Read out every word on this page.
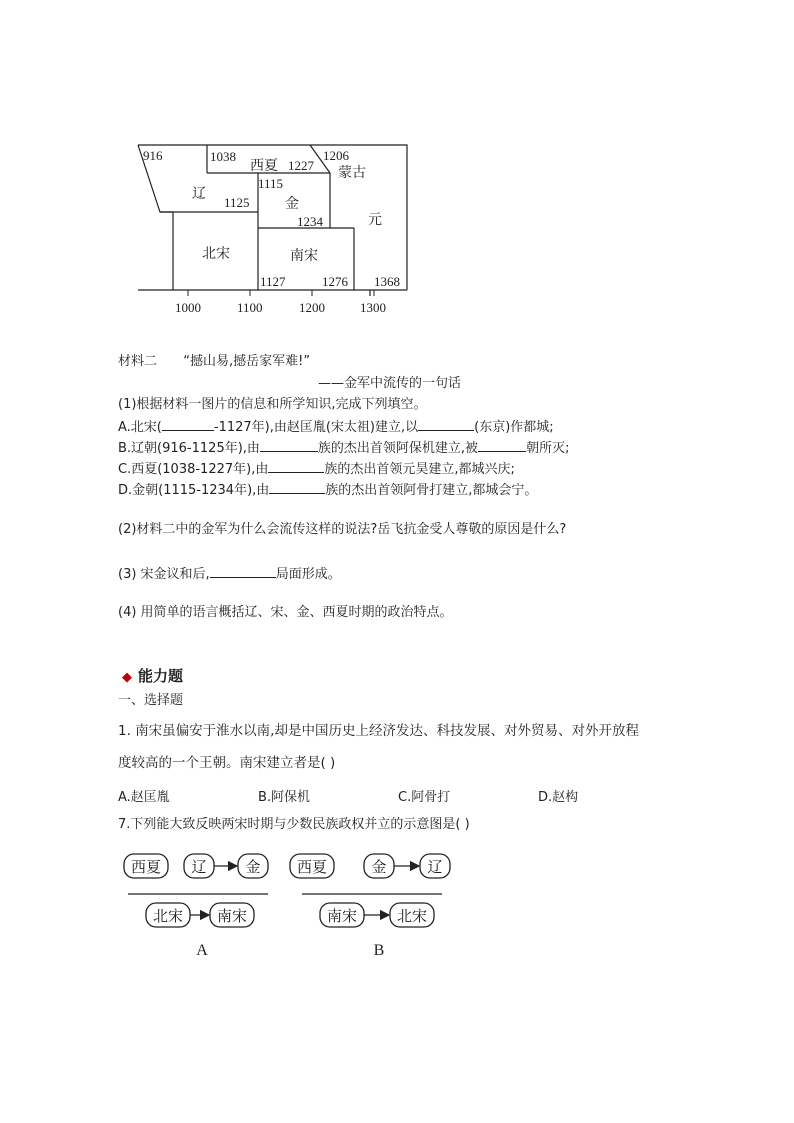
916	1038
1227
1206
1115
1125
1234
1127	1276 1368
1000	1100	1200	1300
辽
西夏
金
蒙古
元
北宋	南宋
材料二 “撼山易,撼岳家军难!”
——金军中流传的一句话
(1)根据材料一图片的信息和所学知识,完成下列填空。
A.北宋(	-1127年),由赵匡胤(宋太祖)建立,以	(东京)作都城;
B.辽朝(916-1125年),由	族的杰出首领阿保机建立,被	朝所灭;
C.西夏(1038-1227年),由	族的杰出首领元昊建立,都城兴庆;
D.金朝(1115-1234年),由	族的杰出首领阿骨打建立,都城会宁。
(2)材料二中的金军为什么会流传这样的说法?岳飞抗金受人尊敬的原因是什么?
(3) 宋金议和后,	局面形成。
(4) 用简单的语言概括辽、宋、金、西夏时期的政治特点。
◆ 能力题
一、选择题
1. 南宋虽偏安于淮水以南,却是中国历史上经济发达、科技发展、对外贸易、对外开放程
度较高的一个王朝。南宋建立者是( )
A.赵匡胤	B.阿保机	C.阿骨打	D.赵构
7.下列能大致反映两宋时期与少数民族政权并立的示意图是( )
西夏 辽	金
北宋 南宋
A
西夏	金	辽
南宋	北宋
B
